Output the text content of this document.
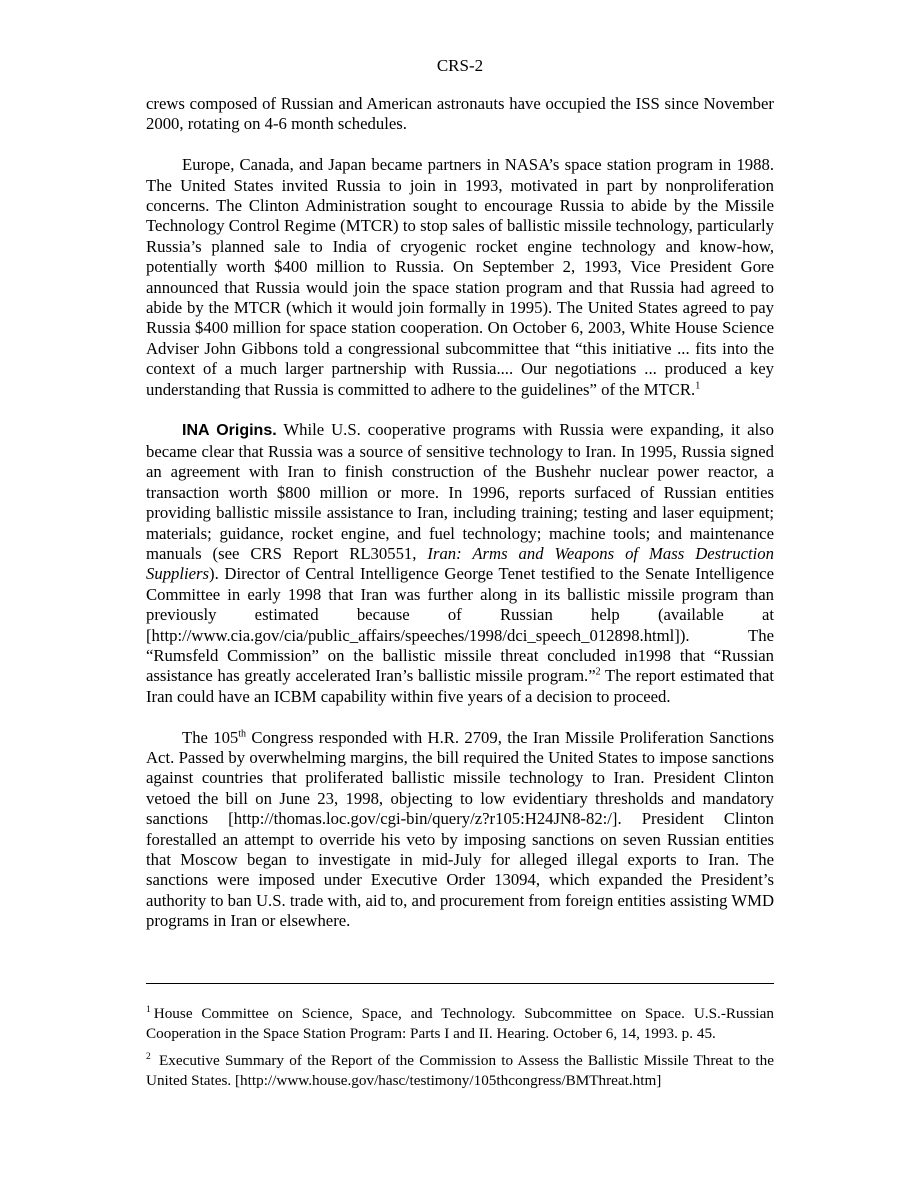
CRS-2

crews composed of Russian and American astronauts have occupied the ISS since November 2000, rotating on 4-6 month schedules.

Europe, Canada, and Japan became partners in NASA’s space station program in 1988. The United States invited Russia to join in 1993, motivated in part by nonproliferation concerns. The Clinton Administration sought to encourage Russia to abide by the Missile Technology Control Regime (MTCR) to stop sales of ballistic missile technology, particularly Russia’s planned sale to India of cryogenic rocket engine technology and know-how, potentially worth $400 million to Russia. On September 2, 1993, Vice President Gore announced that Russia would join the space station program and that Russia had agreed to abide by the MTCR (which it would join formally in 1995). The United States agreed to pay Russia $400 million for space station cooperation. On October 6, 2003, White House Science Adviser John Gibbons told a congressional subcommittee that “this initiative ... fits into the context of a much larger partnership with Russia.... Our negotiations ... produced a key understanding that Russia is committed to adhere to the guidelines” of the MTCR.$^1$

INA Origins. While U.S. cooperative programs with Russia were expanding, it also became clear that Russia was a source of sensitive technology to Iran. In 1995, Russia signed an agreement with Iran to finish construction of the Bushehr nuclear power reactor, a transaction worth $800 million or more. In 1996, reports surfaced of Russian entities providing ballistic missile assistance to Iran, including training; testing and laser equipment; materials; guidance, rocket engine, and fuel technology; machine tools; and maintenance manuals (see CRS Report RL30551, Iran: Arms and Weapons of Mass Destruction Suppliers). Director of Central Intelligence George Tenet testified to the Senate Intelligence Committee in early 1998 that Iran was further along in its ballistic missile program than previously estimated because of Russian help (available at [http://www.cia.gov/cia/public_affairs/speeches/1998/dci_speech_012898.html]). The “Rumsfeld Commission” on the ballistic missile threat concluded in1998 that “Russian assistance has greatly accelerated Iran’s ballistic missile program.”$^2$ The report estimated that Iran could have an ICBM capability within five years of a decision to proceed.

The 105th Congress responded with H.R. 2709, the Iran Missile Proliferation Sanctions Act. Passed by overwhelming margins, the bill required the United States to impose sanctions against countries that proliferated ballistic missile technology to Iran. President Clinton vetoed the bill on June 23, 1998, objecting to low evidentiary thresholds and mandatory sanctions [http://thomas.loc.gov/cgi-bin/query/z?r105:H24JN8-82:/]. President Clinton forestalled an attempt to override his veto by imposing sanctions on seven Russian entities that Moscow began to investigate in mid-July for alleged illegal exports to Iran. The sanctions were imposed under Executive Order 13094, which expanded the President’s authority to ban U.S. trade with, aid to, and procurement from foreign entities assisting WMD programs in Iran or elsewhere.

$^1$ House Committee on Science, Space, and Technology. Subcommittee on Space. U.S.-Russian Cooperation in the Space Station Program: Parts I and II. Hearing. October 6, 14, 1993. p. 45.

$^2$ Executive Summary of the Report of the Commission to Assess the Ballistic Missile Threat to the United States. [http://www.house.gov/hasc/testimony/105thcongress/BMThreat.htm]
